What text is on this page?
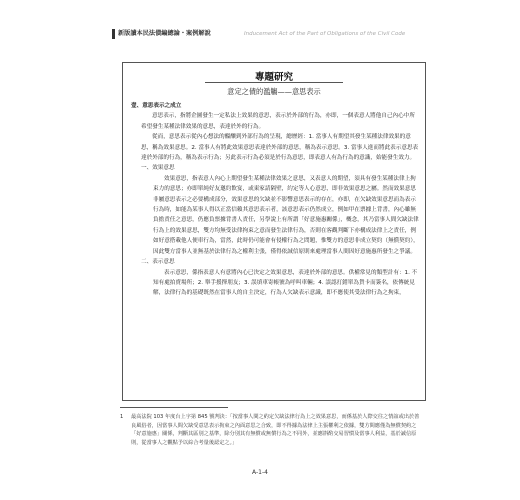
新版讀本民法債編總論・案例解說	Inducement Act of the Part of Obligations of the Civil Code
專題研究
意定之債的濫觴——意思表示

壹、意思表示之成立

意思表示，指將企圖發生一定私法上效果的意思，表示於外部的行為，亦即，一個表意人將他自己內心中所希望發生某種法律效果的意思，表達於外的行為。

從而，意思表示從內心想法的醞釀到外部行為的呈現，總歷經：1. 當事人有期望其發生某種法律效果的意思，稱為效果意思。2. 當事人有將此效果意思表達於外部的意思，稱為表示意思。3. 當事人進而將此表示意思表達於外部的行為，稱為表示行為；另此表示行為必須是於行為意思，即表意人有為行為的意識，始能發生效力。

一、效果意思

效果意思，指表意人內心上期望發生某種法律效果之意思，又表意人的期望，須具有發生某種法律上拘束力的意思；亦即單純好友邀約飲宴，或東家請隔壁，約定等人心意思，即非效果意思之屬。然而效果意思非屬意思表示之必要構成部分，效果意思的欠缺並不影響意思表示的存在，亦即，在欠缺效果意思而為表示行為時，如能為某事人得以正當信賴其意思表示者，該意思表示仍然成立，例如甲在票據上背書，內心雖無負擔責任之意思，仍應負票據背書人責任，另學說上有所謂「好意施惠關係」，概念，其乃當事人間欠缺法律行為上的效果意思，雙方均無受法律拘束之意而發生法律行為，否則在客觀判斷下亦構成法律上之責任，例如好意搭載他人便車行為，當然，此時仍可能會有侵權行為之問題，惟雙方的意思非成立契約（無償契約），因此雙方當事人並無基於法律行為之權利主張，僅得依誠信原則來處理當事人間因好意施惠所發生之爭議。

二、表示意思

表示意思，係指表意人有意將內心已決定之效果意思，表達於外部的意思。供權常見的類型計有：1. 不知有處拍賣場所；2. 舉手援擇朋友；3. 誤填車寄帳號為呼叫車輛；4. 誤認打錯單為貨卡而簽名，依傳統見解，法律行為的基礎既然在當事人的自主決定，行為人欠缺表示意識，即不應使其受法律行為之拘束，

1 最高法院 103 年度台上字第 845 號判決：「按當事人間之約定欠缺法律行為上之效果意思，而係基於人際交往之情誼或出於善良風俗者，因當事人間欠缺受意思表示拘束之內面意思之合致，即不得據為法律上主張權利之依據，雙方間應僅為無償契約之「好意施惠」關係，判斷其區別之基準，除分別其有無償或無償行為之不同外，並應斟酌交易習慣及當事人利益，基於誠信原則，從當事人之觀點予以綜合考量後認定之。」
A-1-4
